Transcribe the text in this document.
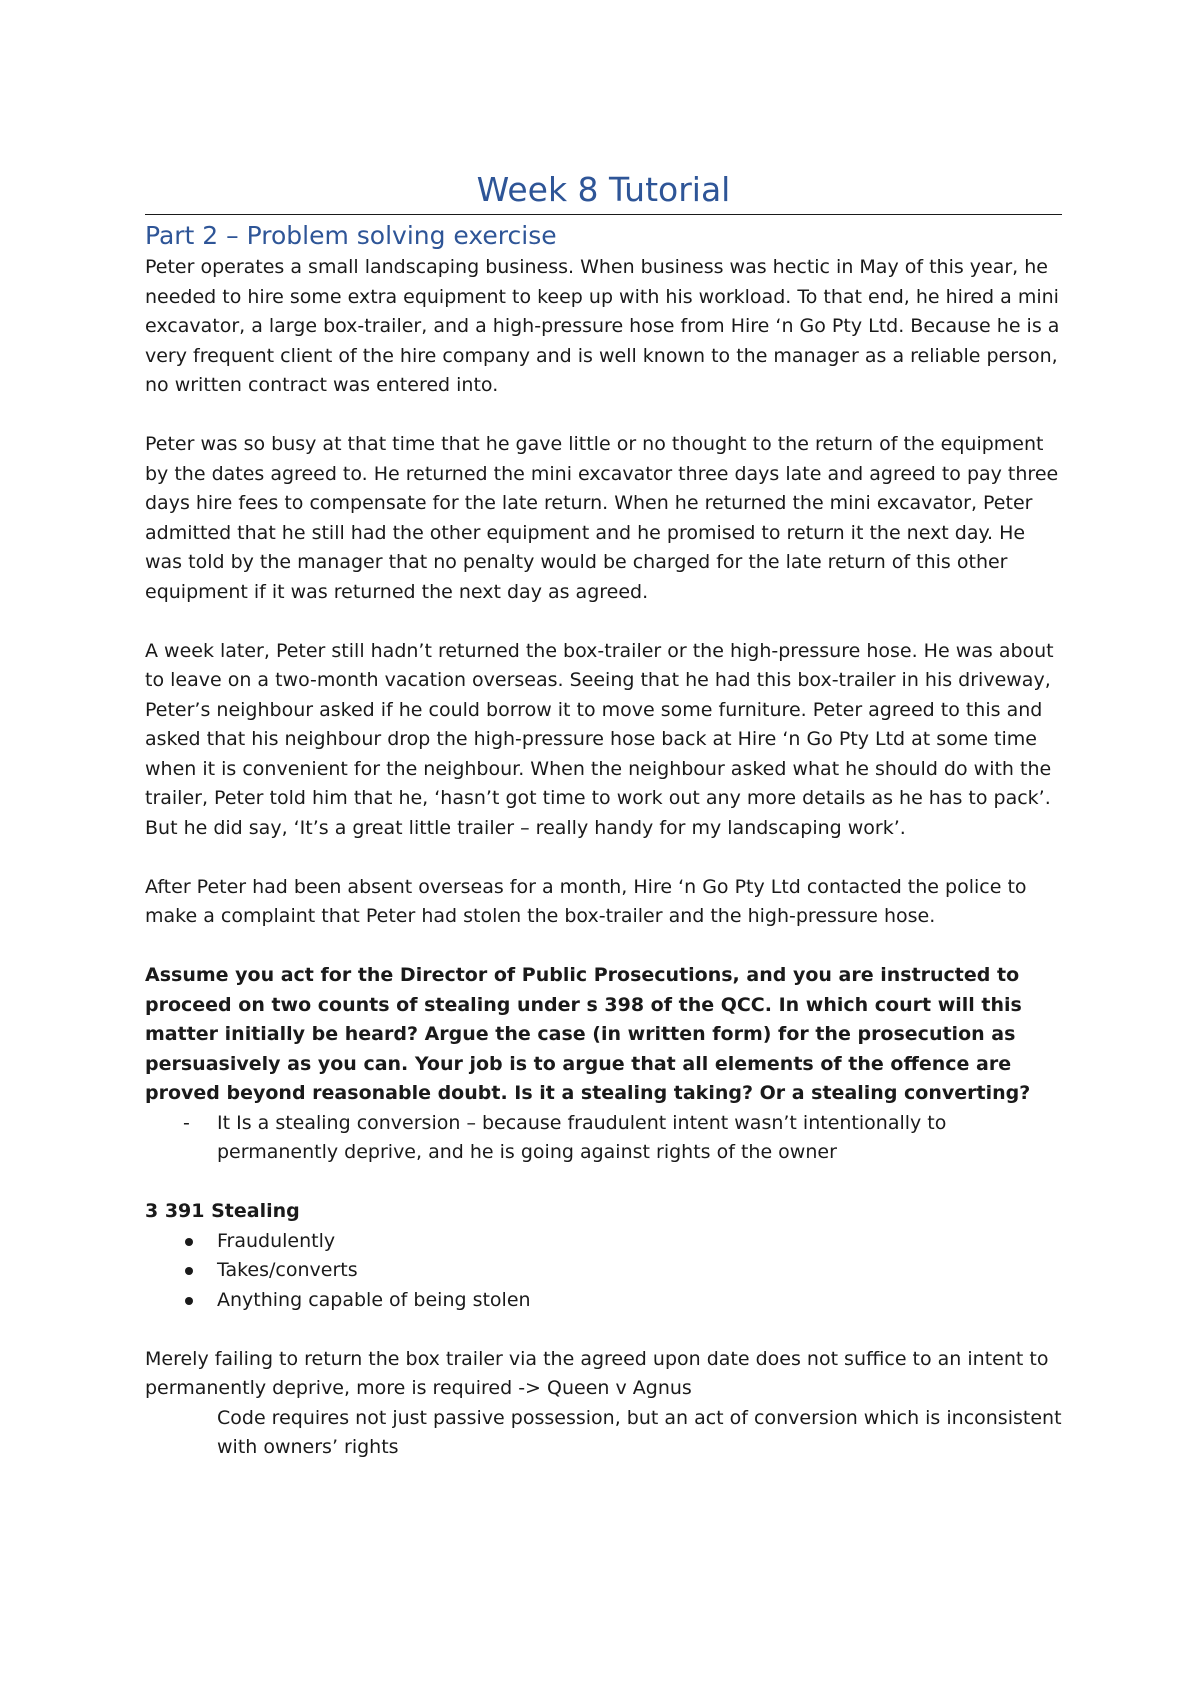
Week 8 Tutorial
Part 2 – Problem solving exercise

Peter operates a small landscaping business. When business was hectic in May of this year, he needed to hire some extra equipment to keep up with his workload. To that end, he hired a mini excavator, a large box-trailer, and a high-pressure hose from Hire ‘n Go Pty Ltd. Because he is a very frequent client of the hire company and is well known to the manager as a reliable person, no written contract was entered into.

Peter was so busy at that time that he gave little or no thought to the return of the equipment by the dates agreed to. He returned the mini excavator three days late and agreed to pay three days hire fees to compensate for the late return. When he returned the mini excavator, Peter admitted that he still had the other equipment and he promised to return it the next day. He was told by the manager that no penalty would be charged for the late return of this other equipment if it was returned the next day as agreed.

A week later, Peter still hadn’t returned the box-trailer or the high-pressure hose. He was about to leave on a two-month vacation overseas. Seeing that he had this box-trailer in his driveway, Peter’s neighbour asked if he could borrow it to move some furniture. Peter agreed to this and asked that his neighbour drop the high-pressure hose back at Hire ‘n Go Pty Ltd at some time when it is convenient for the neighbour. When the neighbour asked what he should do with the trailer, Peter told him that he, ‘hasn’t got time to work out any more details as he has to pack’. But he did say, ‘It’s a great little trailer – really handy for my landscaping work’.

After Peter had been absent overseas for a month, Hire ‘n Go Pty Ltd contacted the police to make a complaint that Peter had stolen the box-trailer and the high-pressure hose.

Assume you act for the Director of Public Prosecutions, and you are instructed to proceed on two counts of stealing under s 398 of the QCC. In which court will this matter initially be heard? Argue the case (in written form) for the prosecution as persuasively as you can. Your job is to argue that all elements of the offence are proved beyond reasonable doubt. Is it a stealing taking? Or a stealing converting?

- It Is a stealing conversion – because fraudulent intent wasn’t intentionally to permanently deprive, and he is going against rights of the owner

3 391 Stealing

Fraudulently
Takes/converts
Anything capable of being stolen

Merely failing to return the box trailer via the agreed upon date does not suffice to an intent to permanently deprive, more is required -> Queen v Agnus

Code requires not just passive possession, but an act of conversion which is inconsistent with owners’ rights
